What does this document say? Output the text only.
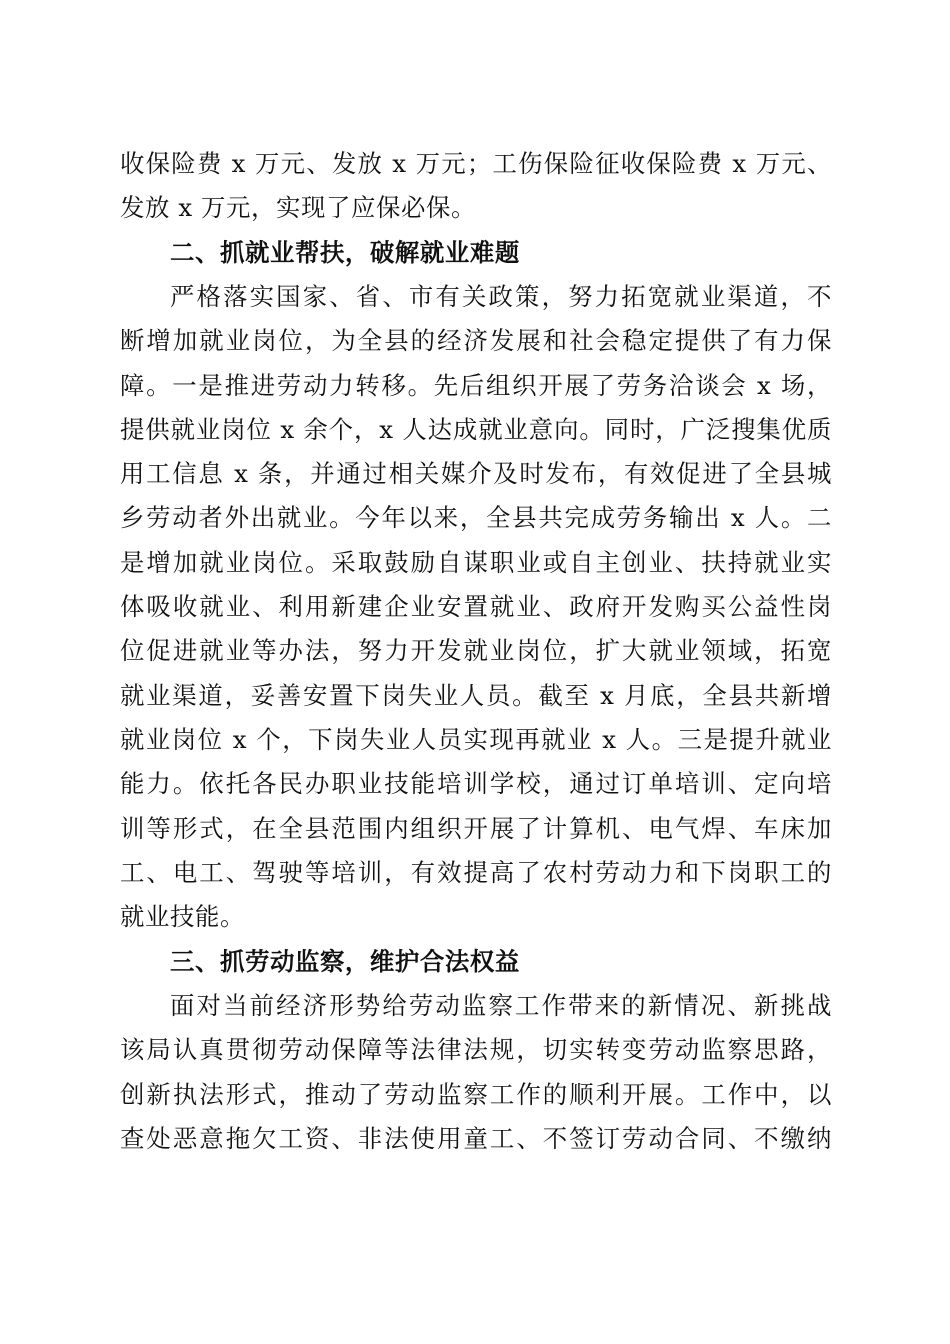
收保险费 x 万元、发放 x 万元；工伤保险征收保险费 x 万元、
发放 x 万元，实现了应保必保。
二、抓就业帮扶，破解就业难题
严格落实国家、省、市有关政策，努力拓宽就业渠道，不
断增加就业岗位，为全县的经济发展和社会稳定提供了有力保
障。一是推进劳动力转移。先后组织开展了劳务洽谈会 x 场，
提供就业岗位 x 余个，x 人达成就业意向。同时，广泛搜集优质
用工信息 x 条，并通过相关媒介及时发布，有效促进了全县城
乡劳动者外出就业。今年以来，全县共完成劳务输出 x 人。二
是增加就业岗位。采取鼓励自谋职业或自主创业、扶持就业实
体吸收就业、利用新建企业安置就业、政府开发购买公益性岗
位促进就业等办法，努力开发就业岗位，扩大就业领域，拓宽
就业渠道，妥善安置下岗失业人员。截至 x 月底，全县共新增
就业岗位 x 个，下岗失业人员实现再就业 x 人。三是提升就业
能力。依托各民办职业技能培训学校，通过订单培训、定向培
训等形式，在全县范围内组织开展了计算机、电气焊、车床加
工、电工、驾驶等培训，有效提高了农村劳动力和下岗职工的
就业技能。
三、抓劳动监察，维护合法权益
面对当前经济形势给劳动监察工作带来的新情况、新挑战
该局认真贯彻劳动保障等法律法规，切实转变劳动监察思路，
创新执法形式，推动了劳动监察工作的顺利开展。工作中，以
查处恶意拖欠工资、非法使用童工、不签订劳动合同、不缴纳
